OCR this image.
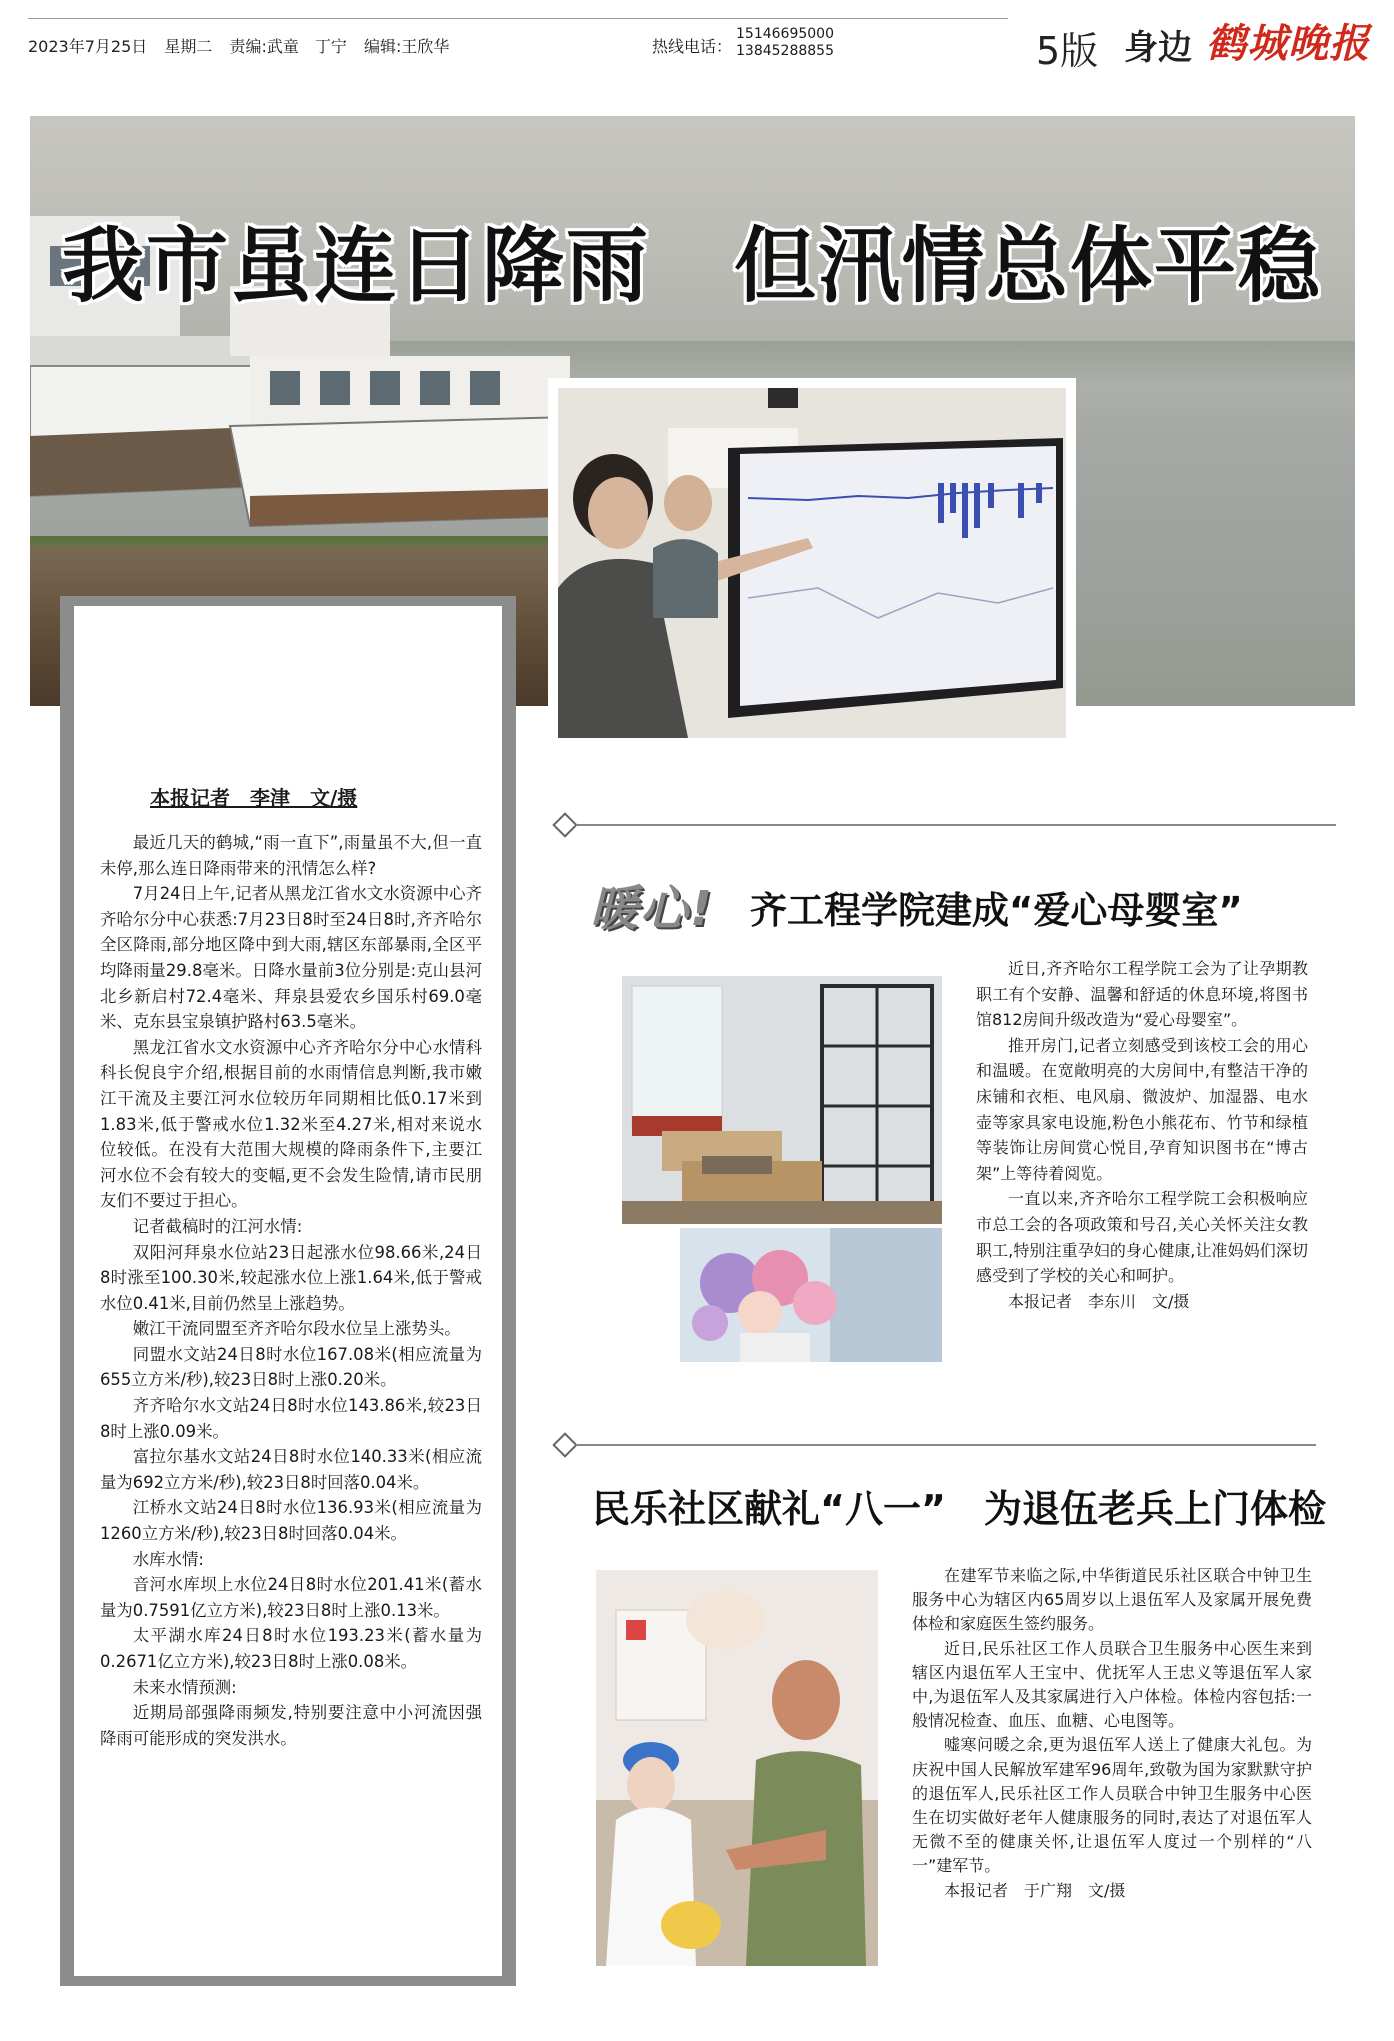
2023年7月25日 星期二 责编:武童　丁宁 编辑:王欣华	热线电话：
15146695000
13845288855	5版 身边 鹤城晚报
我市虽连日降雨　但汛情总体平稳
本报记者　李津　文/摄

最近几天的鹤城,“雨一直下”,雨量虽不大,但一直未停,那么连日降雨带来的汛情怎么样?

7月24日上午,记者从黑龙江省水文水资源中心齐齐哈尔分中心获悉:7月23日8时至24日8时,齐齐哈尔全区降雨,部分地区降中到大雨,辖区东部暴雨,全区平均降雨量29.8毫米。日降水量前3位分别是:克山县河北乡新启村72.4毫米、拜泉县爱农乡国乐村69.0毫米、克东县宝泉镇护路村63.5毫米。

黑龙江省水文水资源中心齐齐哈尔分中心水情科科长倪良宇介绍,根据目前的水雨情信息判断,我市嫩江干流及主要江河水位较历年同期相比低0.17米到1.83米,低于警戒水位1.32米至4.27米,相对来说水位较低。在没有大范围大规模的降雨条件下,主要江河水位不会有较大的变幅,更不会发生险情,请市民朋友们不要过于担心。

记者截稿时的江河水情:

双阳河拜泉水位站23日起涨水位98.66米,24日8时涨至100.30米,较起涨水位上涨1.64米,低于警戒水位0.41米,目前仍然呈上涨趋势。

嫩江干流同盟至齐齐哈尔段水位呈上涨势头。

同盟水文站24日8时水位167.08米(相应流量为655立方米/秒),较23日8时上涨0.20米。

齐齐哈尔水文站24日8时水位143.86米,较23日8时上涨0.09米。

富拉尔基水文站24日8时水位140.33米(相应流量为692立方米/秒),较23日8时回落0.04米。

江桥水文站24日8时水位136.93米(相应流量为1260立方米/秒),较23日8时回落0.04米。

水库水情:

音河水库坝上水位24日8时水位201.41米(蓄水量为0.7591亿立方米),较23日8时上涨0.13米。

太平湖水库24日8时水位193.23米(蓄水量为0.2671亿立方米),较23日8时上涨0.08米。

未来水情预测:

近期局部强降雨频发,特别要注意中小河流因强降雨可能形成的突发洪水。

暖心! 齐工程学院建成“爱心母婴室”

近日,齐齐哈尔工程学院工会为了让孕期教职工有个安静、温馨和舒适的休息环境,将图书馆812房间升级改造为“爱心母婴室”。

推开房门,记者立刻感受到该校工会的用心和温暖。在宽敞明亮的大房间中,有整洁干净的床铺和衣柜、电风扇、微波炉、加湿器、电水壶等家具家电设施,粉色小熊花布、竹节和绿植等装饰让房间赏心悦目,孕育知识图书在“博古架”上等待着阅览。

一直以来,齐齐哈尔工程学院工会积极响应市总工会的各项政策和号召,关心关怀关注女教职工,特别注重孕妇的身心健康,让准妈妈们深切感受到了学校的关心和呵护。

本报记者　李东川　文/摄

民乐社区献礼“八一”　为退伍老兵上门体检

在建军节来临之际,中华街道民乐社区联合中钟卫生服务中心为辖区内65周岁以上退伍军人及家属开展免费体检和家庭医生签约服务。

近日,民乐社区工作人员联合卫生服务中心医生来到辖区内退伍军人王宝中、优抚军人王忠义等退伍军人家中,为退伍军人及其家属进行入户体检。体检内容包括:一般情况检查、血压、血糖、心电图等。

嘘寒问暖之余,更为退伍军人送上了健康大礼包。为庆祝中国人民解放军建军96周年,致敬为国为家默默守护的退伍军人,民乐社区工作人员联合中钟卫生服务中心医生在切实做好老年人健康服务的同时,表达了对退伍军人无微不至的健康关怀,让退伍军人度过一个别样的“八一”建军节。

本报记者　于广翔　文/摄
